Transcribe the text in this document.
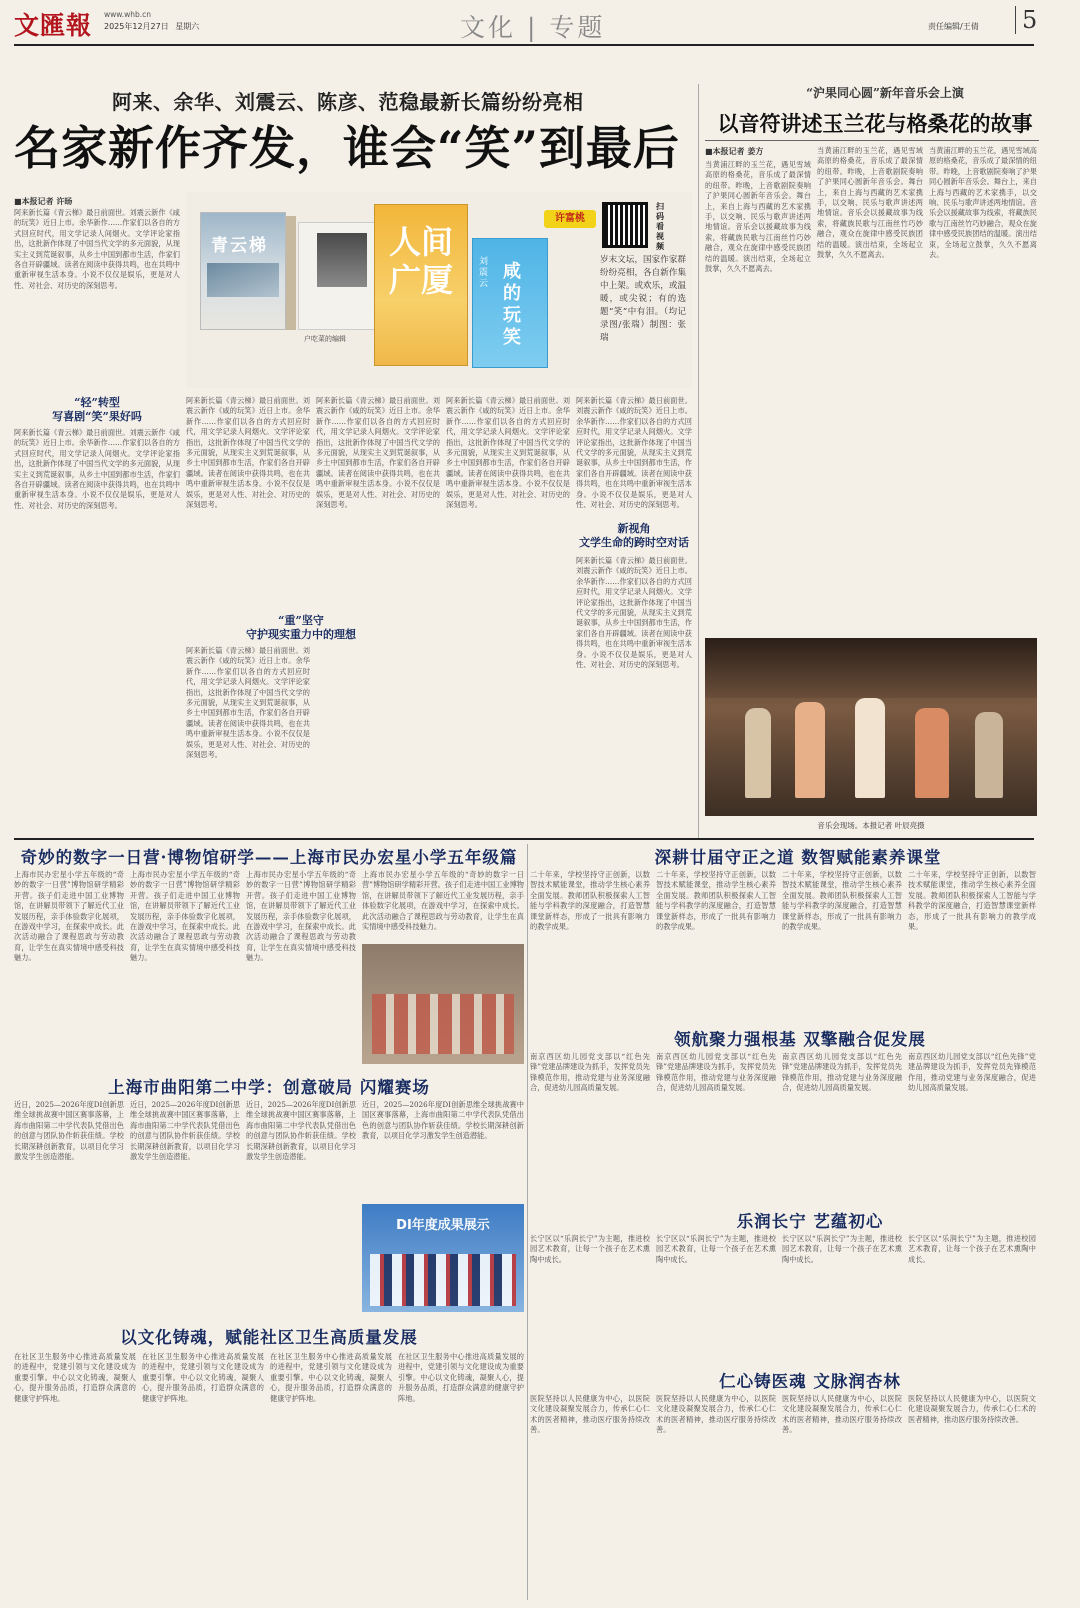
文匯報	www.whb.cn
2025年12月27日 星期六	文化 | 专题	责任编辑/王倩 5
阿来、余华、刘震云、陈彦、范稳最新长篇纷纷亮相
名家新作齐发，谁会“笑”到最后
“沪果同心圆”新年音乐会上演
以音符讲述玉兰花与格桑花的故事
■本报记者 许旸
阿来新长篇《青云梯》最日前面世。刘震云新作《咸的玩笑》近日上市。余华新作……作家们以各自的方式回应时代，用文学记录人间烟火。文学评论家指出，这批新作体现了中国当代文学的多元面貌，从现实主义到荒诞叙事，从乡土中国到都市生活，作家们各自开辟疆域。读者在阅读中获得共鸣，也在共鸣中重新审视生活本身。小说不仅仅是娱乐，更是对人性、对社会、对历史的深刻思考。
青云梯
户吃菜的编辑
人间广厦	咸的玩笑
刘震云
许富桃
扫码看视频
岁末文坛，国家作家群纷纷亮相，各自新作集中上架。或欢乐，或温暖，或尖锐；有的选题“笑”中有泪。（均记录图/张瑞）制图：张瑞
“轻”转型
写喜剧“笑”果好吗
阿来新长篇《青云梯》最日前面世。刘震云新作《咸的玩笑》近日上市。余华新作……作家们以各自的方式回应时代，用文学记录人间烟火。文学评论家指出，这批新作体现了中国当代文学的多元面貌，从现实主义到荒诞叙事，从乡土中国到都市生活，作家们各自开辟疆域。读者在阅读中获得共鸣，也在共鸣中重新审视生活本身。小说不仅仅是娱乐，更是对人性、对社会、对历史的深刻思考。
阿来新长篇《青云梯》最日前面世。刘震云新作《咸的玩笑》近日上市。余华新作……作家们以各自的方式回应时代，用文学记录人间烟火。文学评论家指出，这批新作体现了中国当代文学的多元面貌，从现实主义到荒诞叙事，从乡土中国到都市生活，作家们各自开辟疆域。读者在阅读中获得共鸣，也在共鸣中重新审视生活本身。小说不仅仅是娱乐，更是对人性、对社会、对历史的深刻思考。
“重”坚守
守护现实重力中的理想
阿来新长篇《青云梯》最日前面世。刘震云新作《咸的玩笑》近日上市。余华新作……作家们以各自的方式回应时代，用文学记录人间烟火。文学评论家指出，这批新作体现了中国当代文学的多元面貌，从现实主义到荒诞叙事，从乡土中国到都市生活，作家们各自开辟疆域。读者在阅读中获得共鸣，也在共鸣中重新审视生活本身。小说不仅仅是娱乐，更是对人性、对社会、对历史的深刻思考。
阿来新长篇《青云梯》最日前面世。刘震云新作《咸的玩笑》近日上市。余华新作……作家们以各自的方式回应时代，用文学记录人间烟火。文学评论家指出，这批新作体现了中国当代文学的多元面貌，从现实主义到荒诞叙事，从乡土中国到都市生活，作家们各自开辟疆域。读者在阅读中获得共鸣，也在共鸣中重新审视生活本身。小说不仅仅是娱乐，更是对人性、对社会、对历史的深刻思考。
阿来新长篇《青云梯》最日前面世。刘震云新作《咸的玩笑》近日上市。余华新作……作家们以各自的方式回应时代，用文学记录人间烟火。文学评论家指出，这批新作体现了中国当代文学的多元面貌，从现实主义到荒诞叙事，从乡土中国到都市生活，作家们各自开辟疆域。读者在阅读中获得共鸣，也在共鸣中重新审视生活本身。小说不仅仅是娱乐，更是对人性、对社会、对历史的深刻思考。
新视角
文学生命的跨时空对话
阿来新长篇《青云梯》最日前面世。刘震云新作《咸的玩笑》近日上市。余华新作……作家们以各自的方式回应时代，用文学记录人间烟火。文学评论家指出，这批新作体现了中国当代文学的多元面貌，从现实主义到荒诞叙事，从乡土中国到都市生活，作家们各自开辟疆域。读者在阅读中获得共鸣，也在共鸣中重新审视生活本身。小说不仅仅是娱乐，更是对人性、对社会、对历史的深刻思考。
阿来新长篇《青云梯》最日前面世。刘震云新作《咸的玩笑》近日上市。余华新作……作家们以各自的方式回应时代，用文学记录人间烟火。文学评论家指出，这批新作体现了中国当代文学的多元面貌，从现实主义到荒诞叙事，从乡土中国到都市生活，作家们各自开辟疆域。读者在阅读中获得共鸣，也在共鸣中重新审视生活本身。小说不仅仅是娱乐，更是对人性、对社会、对历史的深刻思考。
■本报记者 姜方
当黄浦江畔的玉兰花，遇见雪域高原的格桑花，音乐成了最深情的纽带。昨晚，上音歌剧院奏响了沪果同心圆新年音乐会。舞台上，来自上海与西藏的艺术家携手，以交响、民乐与歌声讲述两地情谊。音乐会以援藏故事为线索，将藏族民歌与江南丝竹巧妙融合，观众在旋律中感受民族团结的温暖。演出结束，全场起立鼓掌，久久不愿离去。
当黄浦江畔的玉兰花，遇见雪域高原的格桑花，音乐成了最深情的纽带。昨晚，上音歌剧院奏响了沪果同心圆新年音乐会。舞台上，来自上海与西藏的艺术家携手，以交响、民乐与歌声讲述两地情谊。音乐会以援藏故事为线索，将藏族民歌与江南丝竹巧妙融合，观众在旋律中感受民族团结的温暖。演出结束，全场起立鼓掌，久久不愿离去。
当黄浦江畔的玉兰花，遇见雪域高原的格桑花，音乐成了最深情的纽带。昨晚，上音歌剧院奏响了沪果同心圆新年音乐会。舞台上，来自上海与西藏的艺术家携手，以交响、民乐与歌声讲述两地情谊。音乐会以援藏故事为线索，将藏族民歌与江南丝竹巧妙融合，观众在旋律中感受民族团结的温暖。演出结束，全场起立鼓掌，久久不愿离去。
音乐会现场。本报记者 叶辰亮摄
奇妙的数字一日营·博物馆研学——上海市民办宏星小学五年级篇
上海市民办宏星小学五年级的“奇妙的数字一日营”博物馆研学精彩开营。孩子们走进中国工业博物馆，在讲解员带领下了解近代工业发展历程，亲手体验数字化展项，在游戏中学习，在探索中成长。此次活动融合了课程思政与劳动教育，让学生在真实情境中感受科技魅力。
上海市民办宏星小学五年级的“奇妙的数字一日营”博物馆研学精彩开营。孩子们走进中国工业博物馆，在讲解员带领下了解近代工业发展历程，亲手体验数字化展项，在游戏中学习，在探索中成长。此次活动融合了课程思政与劳动教育，让学生在真实情境中感受科技魅力。
上海市民办宏星小学五年级的“奇妙的数字一日营”博物馆研学精彩开营。孩子们走进中国工业博物馆，在讲解员带领下了解近代工业发展历程，亲手体验数字化展项，在游戏中学习，在探索中成长。此次活动融合了课程思政与劳动教育，让学生在真实情境中感受科技魅力。
上海市民办宏星小学五年级的“奇妙的数字一日营”博物馆研学精彩开营。孩子们走进中国工业博物馆，在讲解员带领下了解近代工业发展历程，亲手体验数字化展项，在游戏中学习，在探索中成长。此次活动融合了课程思政与劳动教育，让学生在真实情境中感受科技魅力。
深耕廿届守正之道 数智赋能素养课堂
二十年来，学校坚持守正创新，以数智技术赋能课堂，推动学生核心素养全面发展。教师团队积极探索人工智能与学科教学的深度融合，打造智慧课堂新样态，形成了一批具有影响力的教学成果。
二十年来，学校坚持守正创新，以数智技术赋能课堂，推动学生核心素养全面发展。教师团队积极探索人工智能与学科教学的深度融合，打造智慧课堂新样态，形成了一批具有影响力的教学成果。
二十年来，学校坚持守正创新，以数智技术赋能课堂，推动学生核心素养全面发展。教师团队积极探索人工智能与学科教学的深度融合，打造智慧课堂新样态，形成了一批具有影响力的教学成果。
二十年来，学校坚持守正创新，以数智技术赋能课堂，推动学生核心素养全面发展。教师团队积极探索人工智能与学科教学的深度融合，打造智慧课堂新样态，形成了一批具有影响力的教学成果。
领航聚力强根基 双擎融合促发展
南京西区幼儿园党支部以“红色先锋”党建品牌建设为抓手，发挥党员先锋模范作用，推动党建与业务深度融合，促进幼儿园高质量发展。
南京西区幼儿园党支部以“红色先锋”党建品牌建设为抓手，发挥党员先锋模范作用，推动党建与业务深度融合，促进幼儿园高质量发展。
南京西区幼儿园党支部以“红色先锋”党建品牌建设为抓手，发挥党员先锋模范作用，推动党建与业务深度融合，促进幼儿园高质量发展。
南京西区幼儿园党支部以“红色先锋”党建品牌建设为抓手，发挥党员先锋模范作用，推动党建与业务深度融合，促进幼儿园高质量发展。
上海市曲阳第二中学：创意破局 闪耀赛场
近日，2025—2026年度DI创新思维全球挑战赛中国区赛事落幕，上海市曲阳第二中学代表队凭借出色的创意与团队协作斩获佳绩。学校长期深耕创新教育，以项目化学习激发学生创造潜能。
近日，2025—2026年度DI创新思维全球挑战赛中国区赛事落幕，上海市曲阳第二中学代表队凭借出色的创意与团队协作斩获佳绩。学校长期深耕创新教育，以项目化学习激发学生创造潜能。
近日，2025—2026年度DI创新思维全球挑战赛中国区赛事落幕，上海市曲阳第二中学代表队凭借出色的创意与团队协作斩获佳绩。学校长期深耕创新教育，以项目化学习激发学生创造潜能。
近日，2025—2026年度DI创新思维全球挑战赛中国区赛事落幕，上海市曲阳第二中学代表队凭借出色的创意与团队协作斩获佳绩。学校长期深耕创新教育，以项目化学习激发学生创造潜能。
DI年度成果展示	乐润长宁 艺蕴初心
长宁区以“乐润长宁”为主题，推进校园艺术教育，让每一个孩子在艺术熏陶中成长。
长宁区以“乐润长宁”为主题，推进校园艺术教育，让每一个孩子在艺术熏陶中成长。
长宁区以“乐润长宁”为主题，推进校园艺术教育，让每一个孩子在艺术熏陶中成长。
长宁区以“乐润长宁”为主题，推进校园艺术教育，让每一个孩子在艺术熏陶中成长。
以文化铸魂，赋能社区卫生高质量发展
在社区卫生服务中心推进高质量发展的进程中，党建引领与文化建设成为重要引擎。中心以文化铸魂，凝聚人心，提升服务品质，打造群众满意的健康守护阵地。
在社区卫生服务中心推进高质量发展的进程中，党建引领与文化建设成为重要引擎。中心以文化铸魂，凝聚人心，提升服务品质，打造群众满意的健康守护阵地。
在社区卫生服务中心推进高质量发展的进程中，党建引领与文化建设成为重要引擎。中心以文化铸魂，凝聚人心，提升服务品质，打造群众满意的健康守护阵地。
在社区卫生服务中心推进高质量发展的进程中，党建引领与文化建设成为重要引擎。中心以文化铸魂，凝聚人心，提升服务品质，打造群众满意的健康守护阵地。
仁心铸医魂 文脉润杏林
医院坚持以人民健康为中心，以医院文化建设凝聚发展合力，传承仁心仁术的医者精神，推动医疗服务持续改善。
医院坚持以人民健康为中心，以医院文化建设凝聚发展合力，传承仁心仁术的医者精神，推动医疗服务持续改善。
医院坚持以人民健康为中心，以医院文化建设凝聚发展合力，传承仁心仁术的医者精神，推动医疗服务持续改善。
医院坚持以人民健康为中心，以医院文化建设凝聚发展合力，传承仁心仁术的医者精神，推动医疗服务持续改善。
